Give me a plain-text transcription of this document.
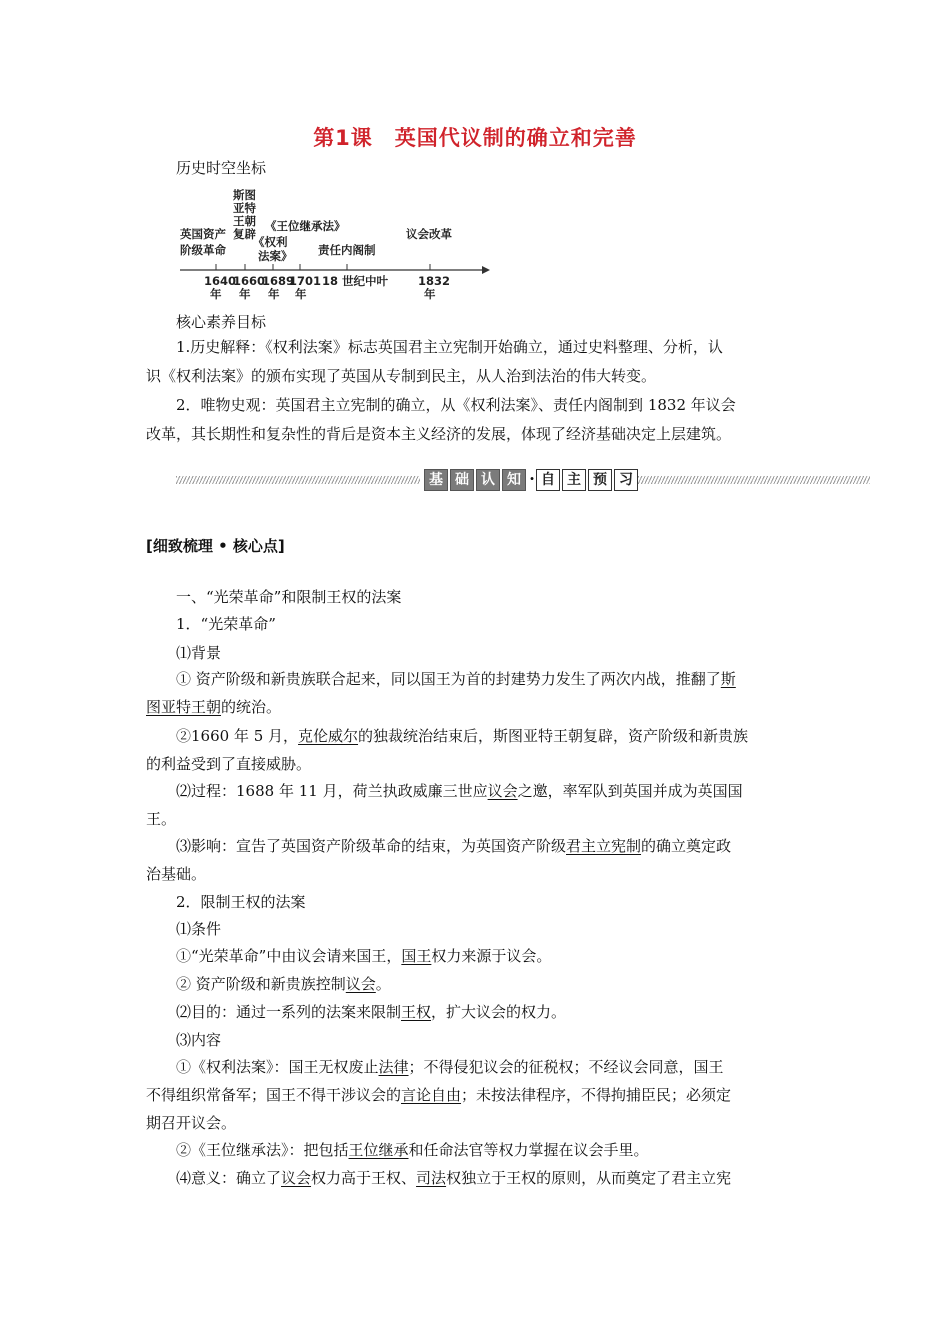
第1课　英国代议制的确立和完善
历史时空坐标
英国资产
阶级革命
斯图
亚特
王朝
复辟
《权利
法案》
《王位继承法》
责任内阁制
议会改革
1640
年
1660
年
1689
年
1701
年
18 世纪中叶	1832
年
核心素养目标
1.历史解释：《权利法案》标志英国君主立宪制开始确立，通过史料整理、分析，认
识《权利法案》的颁布实现了英国从专制到民主，从人治到法治的伟大转变。
2．唯物史观：英国君主立宪制的确立，从《权利法案》、责任内阁制到 1832 年议会
改革，其长期性和复杂性的背后是资本主义经济的发展，体现了经济基础决定上层建筑。
基 础 认 知 · 自 主 预 习
[细致梳理 • 核心点]
一、“光荣革命”和限制王权的法案
1．“光荣革命”
⑴背景
① 资产阶级和新贵族联合起来，同以国王为首的封建势力发生了两次内战，推翻了斯
图亚特王朝的统治。
②1660 年 5 月，克伦威尔的独裁统治结束后，斯图亚特王朝复辟，资产阶级和新贵族
的利益受到了直接威胁。
⑵过程：1688 年 11 月，荷兰执政威廉三世应议会之邀，率军队到英国并成为英国国
王。
⑶影响：宣告了英国资产阶级革命的结束，为英国资产阶级君主立宪制的确立奠定政
治基础。
2．限制王权的法案
⑴条件
①“光荣革命”中由议会请来国王，国王权力来源于议会。
② 资产阶级和新贵族控制议会。
⑵目的：通过一系列的法案来限制王权，扩大议会的权力。
⑶内容
①《权利法案》：国王无权废止法律；不得侵犯议会的征税权；不经议会同意，国王
不得组织常备军；国王不得干涉议会的言论自由；未按法律程序，不得拘捕臣民；必须定
期召开议会。
②《王位继承法》：把包括王位继承和任命法官等权力掌握在议会手里。
⑷意义：确立了议会权力高于王权、司法权独立于王权的原则，从而奠定了君主立宪
